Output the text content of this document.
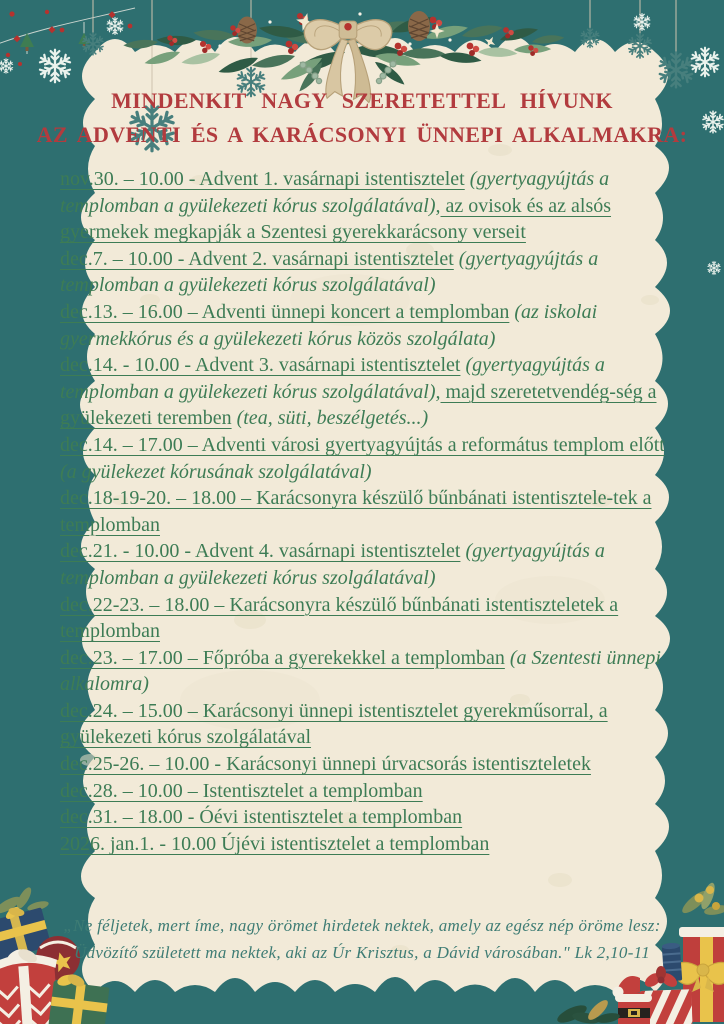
MINDENKIT NAGY SZERETETTEL HÍVUNK
AZ ADVENTI ÉS A KARÁCSONYI ÜNNEPI ALKALMAKRA:
nov.30. – 10.00 - Advent 1. vasárnapi istentisztelet (gyertyagyújtás a templomban a gyülekezeti kórus szolgálatával), az ovisok és az alsós gyermekek megkapják a Szentesi gyerekkarácsony verseit
dec.7. – 10.00 - Advent 2. vasárnapi istentisztelet (gyertyagyújtás a templomban a gyülekezeti kórus szolgálatával)
dec.13. – 16.00 – Adventi ünnepi koncert a templomban (az iskolai gyermekkórus és a gyülekezeti kórus közös szolgálata)
dec.14. - 10.00 - Advent 3. vasárnapi istentisztelet (gyertyagyújtás a templomban a gyülekezeti kórus szolgálatával), majd szeretetvendég-ség a gyülekezeti teremben (tea, süti, beszélgetés...)
dec.14. – 17.00 – Adventi városi gyertyagyújtás a református templom előtt (a gyülekezet kórusának szolgálatával)
dec.18-19-20. – 18.00 – Karácsonyra készülő bűnbánati istentisztele-tek a templomban
dec.21. - 10.00 - Advent 4. vasárnapi istentisztelet (gyertyagyújtás a templomban a gyülekezeti kórus szolgálatával)
dec.22-23. – 18.00 – Karácsonyra készülő bűnbánati istentiszteletek a templomban
dec.23. – 17.00 – Főpróba a gyerekekkel a templomban (a Szentesti ünnepi alkalomra)
dec.24. – 15.00 – Karácsonyi ünnepi istentisztelet gyerekműsorral, a gyülekezeti kórus szolgálatával
dec.25-26. – 10.00 - Karácsonyi ünnepi úrvacsorás istentiszteletek
dec.28. – 10.00 – Istentisztelet a templomban
dec.31. – 18.00 - Óévi istentisztelet a templomban
2026. jan.1. - 10.00 Újévi istentisztelet a templomban
„Ne féljetek, mert íme, nagy örömet hirdetek nektek, amely az egész nép öröme lesz:
Üdvözítő született ma nektek, aki az Úr Krisztus, a Dávid városában." Lk 2,10-11
